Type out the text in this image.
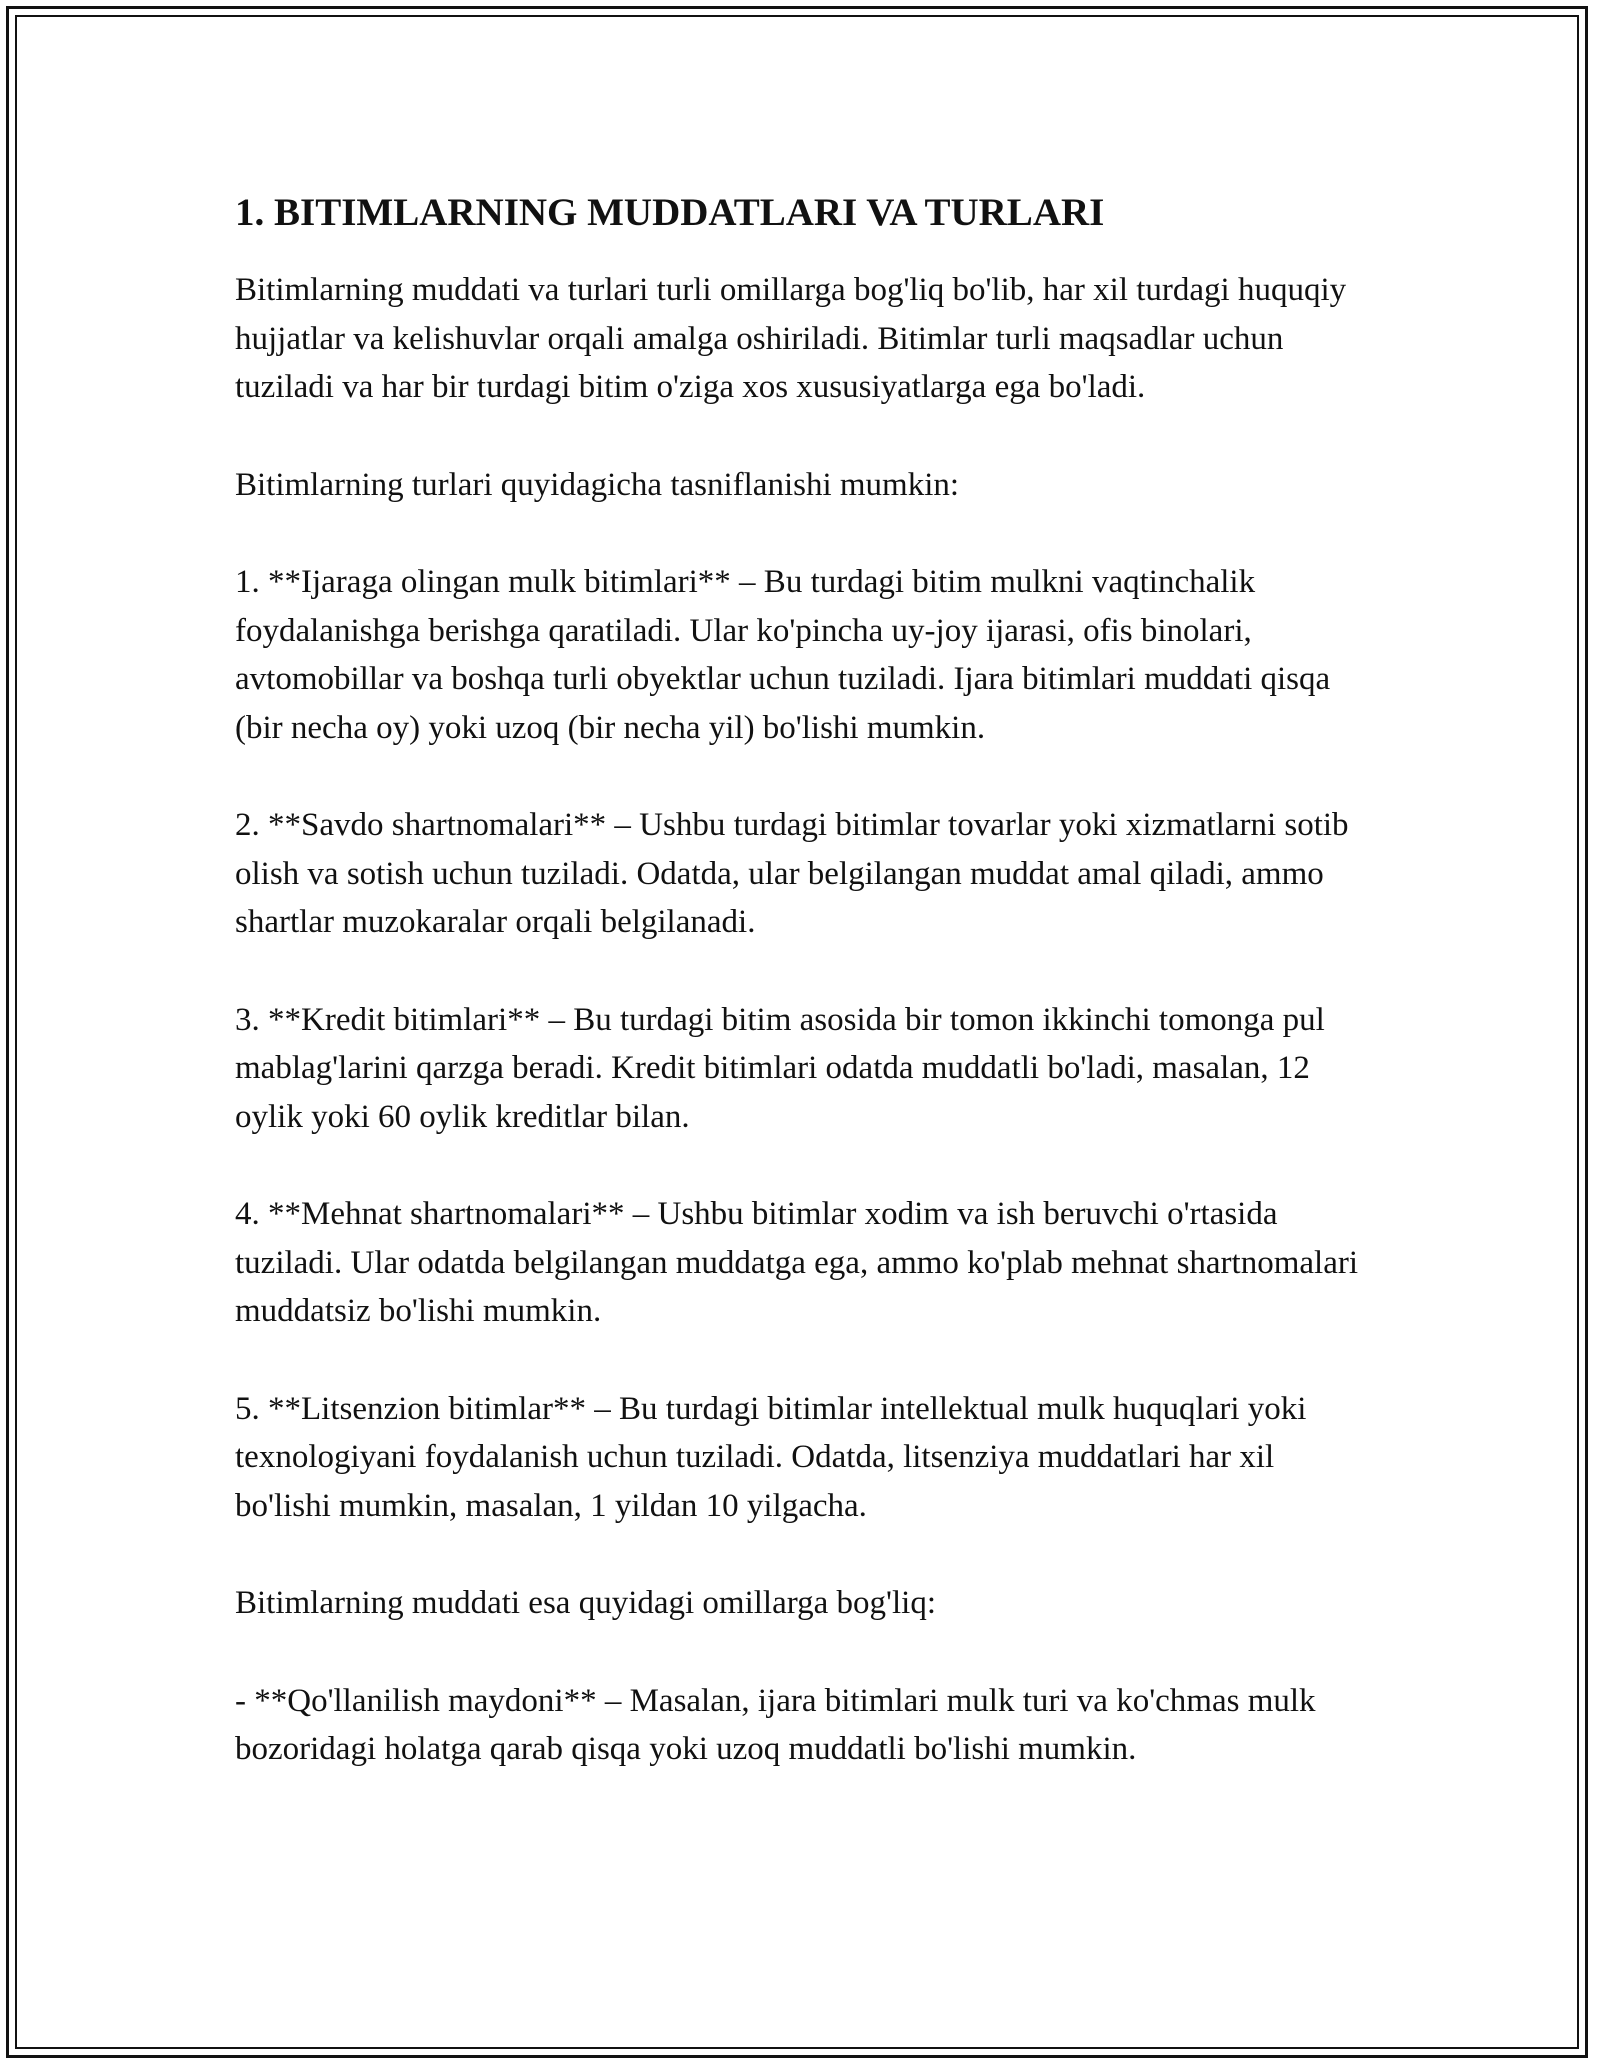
1. BITIMLARNING MUDDATLARI VA TURLARI

Bitimlarning muddati va turlari turli omillarga bog'liq bo'lib, har xil turdagi huquqiy hujjatlar va kelishuvlar orqali amalga oshiriladi. Bitimlar turli maqsadlar uchun tuziladi va har bir turdagi bitim o'ziga xos xususiyatlarga ega bo'ladi.

Bitimlarning turlari quyidagicha tasniflanishi mumkin:

1. **Ijaraga olingan mulk bitimlari** – Bu turdagi bitim mulkni vaqtinchalik foydalanishga berishga qaratiladi. Ular ko'pincha uy-joy ijarasi, ofis binolari, avtomobillar va boshqa turli obyektlar uchun tuziladi. Ijara bitimlari muddati qisqa (bir necha oy) yoki uzoq (bir necha yil) bo'lishi mumkin.

2. **Savdo shartnomalari** – Ushbu turdagi bitimlar tovarlar yoki xizmatlarni sotib olish va sotish uchun tuziladi. Odatda, ular belgilangan muddat amal qiladi, ammo shartlar muzokaralar orqali belgilanadi.

3. **Kredit bitimlari** – Bu turdagi bitim asosida bir tomon ikkinchi tomonga pul mablag'larini qarzga beradi. Kredit bitimlari odatda muddatli bo'ladi, masalan, 12 oylik yoki 60 oylik kreditlar bilan.

4. **Mehnat shartnomalari** – Ushbu bitimlar xodim va ish beruvchi o'rtasida tuziladi. Ular odatda belgilangan muddatga ega, ammo ko'plab mehnat shartnomalari muddatsiz bo'lishi mumkin.

5. **Litsenzion bitimlar** – Bu turdagi bitimlar intellektual mulk huquqlari yoki texnologiyani foydalanish uchun tuziladi. Odatda, litsenziya muddatlari har xil bo'lishi mumkin, masalan, 1 yildan 10 yilgacha.

Bitimlarning muddati esa quyidagi omillarga bog'liq:

- **Qo'llanilish maydoni** – Masalan, ijara bitimlari mulk turi va ko'chmas mulk bozoridagi holatga qarab qisqa yoki uzoq muddatli bo'lishi mumkin.
